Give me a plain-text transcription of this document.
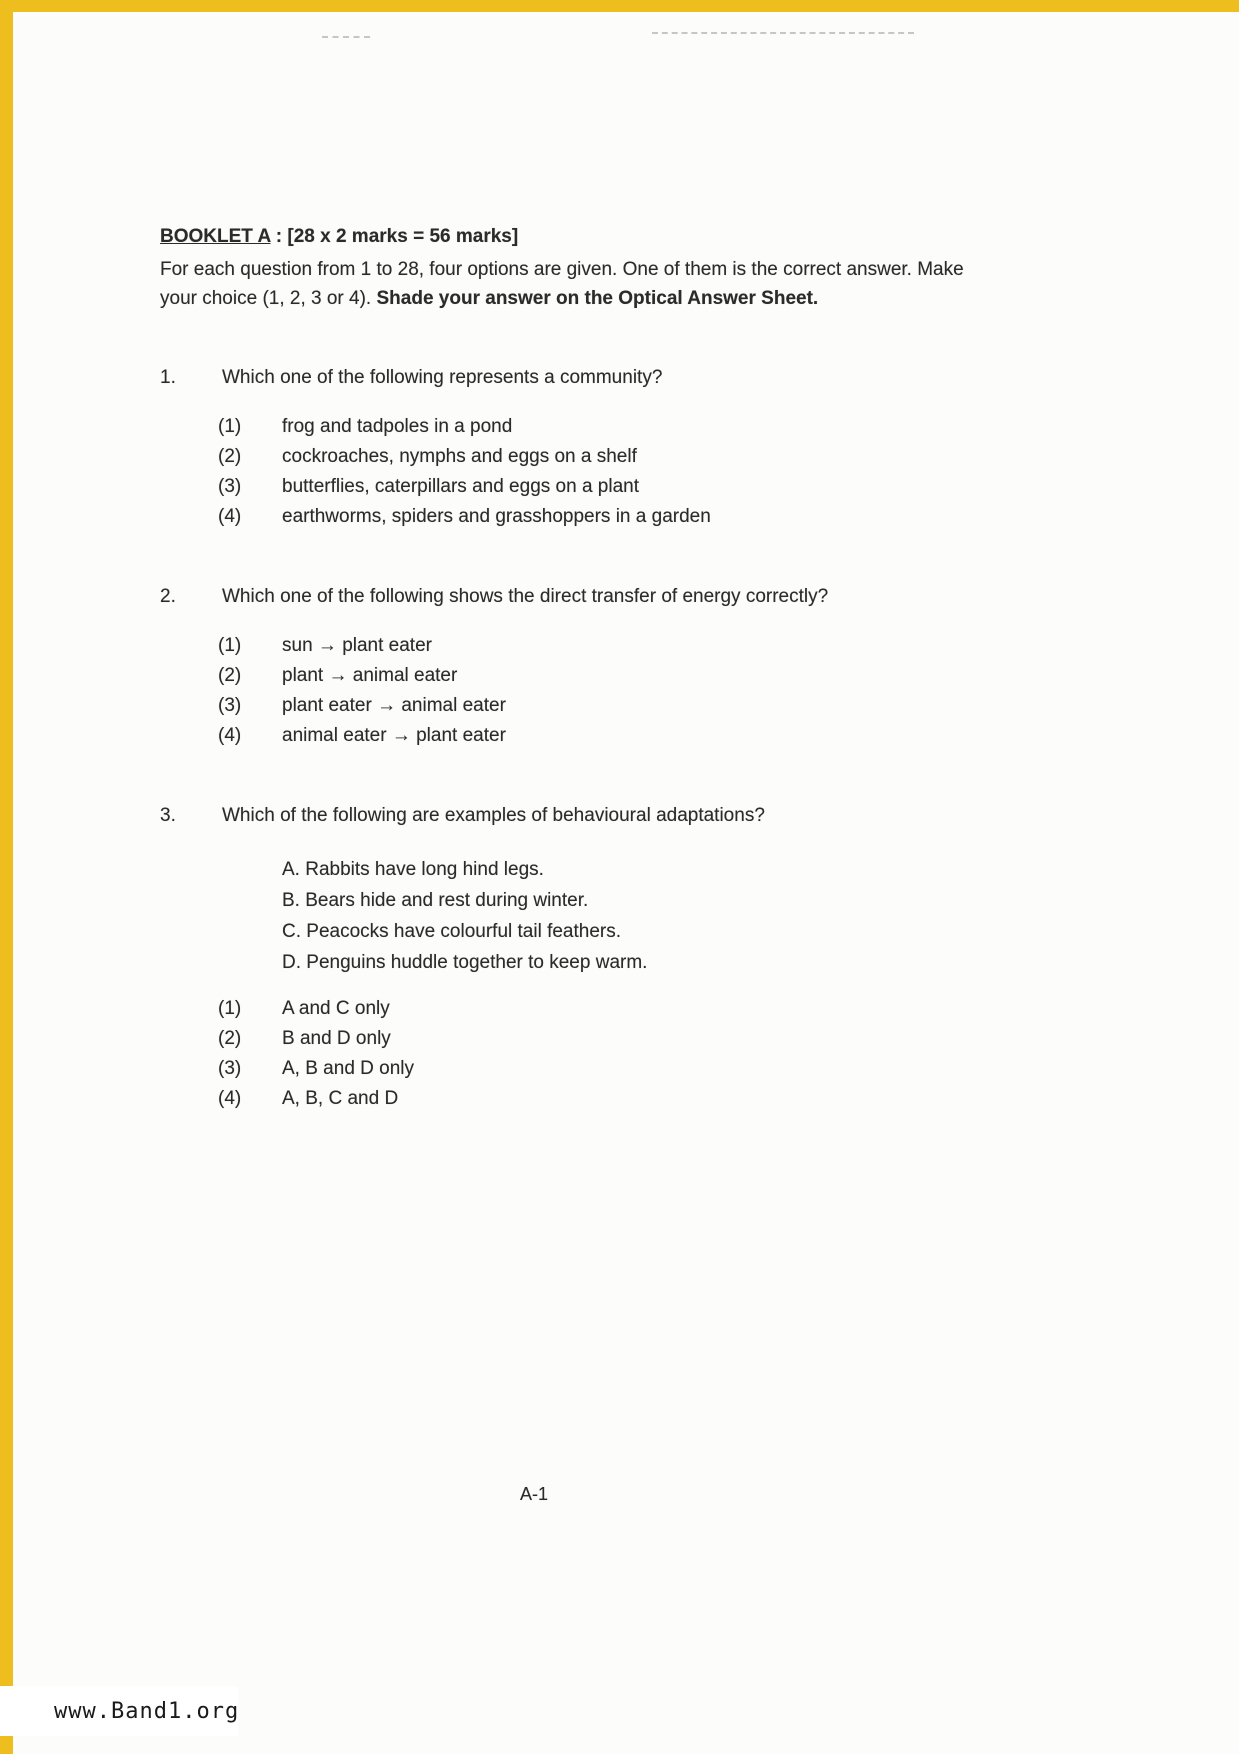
BOOKLET A : [28 x 2 marks = 56 marks]
For each question from 1 to 28, four options are given. One of them is the correct answer. Make your choice (1, 2, 3 or 4). Shade your answer on the Optical Answer Sheet.
1.	Which one of the following represents a community?
(1)	frog and tadpoles in a pond
(2)	cockroaches, nymphs and eggs on a shelf
(3)	butterflies, caterpillars and eggs on a plant
(4)	earthworms, spiders and grasshoppers in a garden
2.	Which one of the following shows the direct transfer of energy correctly?
(1)	sun → plant eater
(2)	plant → animal eater
(3)	plant eater → animal eater
(4)	animal eater → plant eater
3.	Which of the following are examples of behavioural adaptations?
A. Rabbits have long hind legs.
B. Bears hide and rest during winter.
C. Peacocks have colourful tail feathers.
D. Penguins huddle together to keep warm.
(1)	A and C only
(2)	B and D only
(3)	A, B and D only
(4)	A, B, C and D
A-1
www.Band1.org
